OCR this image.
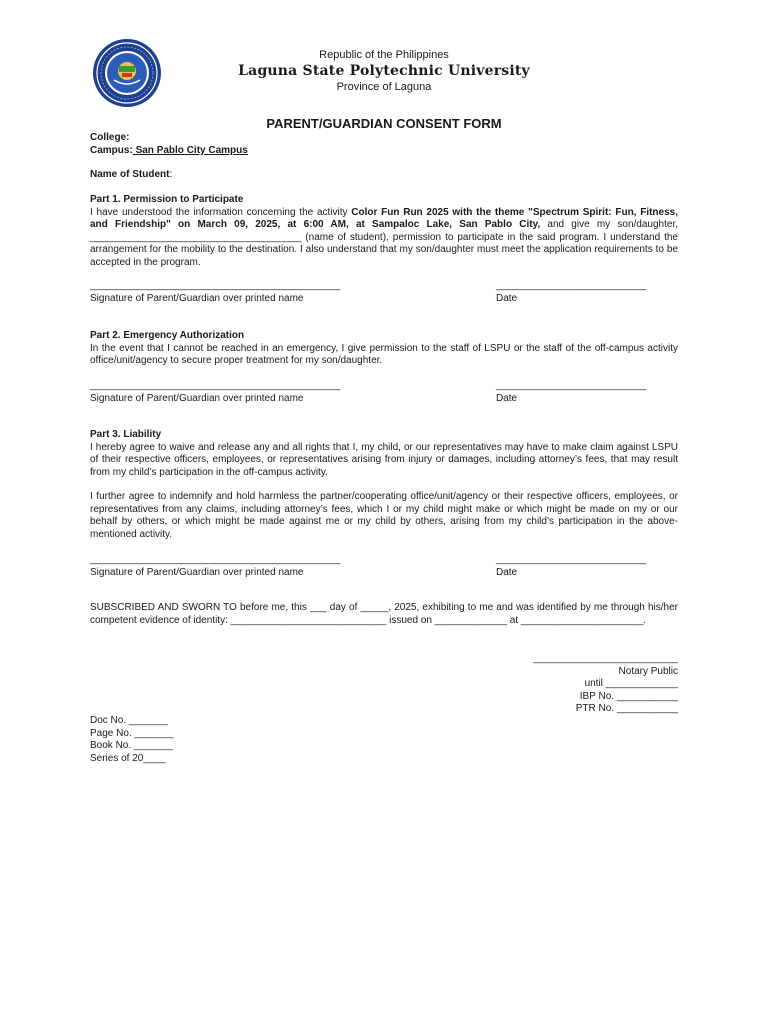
Republic of the Philippines
Laguna State Polytechnic University
Province of Laguna
PARENT/GUARDIAN CONSENT FORM
College:
Campus: San Pablo City Campus
Name of Student:
Part 1. Permission to Participate

I have understood the information concerning the activity Color Fun Run 2025 with the theme "Spectrum Spirit: Fun, Fitness, and Friendship" on March 09, 2025, at 6:00 AM, at Sampaloc Lake, San Pablo City, and give my son/daughter, ______________________________________ (name of student), permission to participate in the said program. I understand the arrangement for the mobility to the destination. I also understand that my son/daughter must meet the application requirements to be accepted in the program.

_____________________________________________
Signature of Parent/Guardian over printed name
___________________________
Date
Part 2. Emergency Authorization

In the event that I cannot be reached in an emergency, I give permission to the staff of LSPU or the staff of the off-campus activity office/unit/agency to secure proper treatment for my son/daughter.

_____________________________________________
Signature of Parent/Guardian over printed name
___________________________
Date
Part 3. Liability

I hereby agree to waive and release any and all rights that I, my child, or our representatives may have to make claim against LSPU of their respective officers, employees, or representatives arising from injury or damages, including attorney’s fees, that may result from my child’s participation in the off-campus activity.

I further agree to indemnify and hold harmless the partner/cooperating office/unit/agency or their respective officers, employees, or representatives from any claims, including attorney’s fees, which I or my child might make or which might be made on my or our behalf by others, or which might be made against me or my child by others, arising from my child’s participation in the above-mentioned activity.

_____________________________________________
Signature of Parent/Guardian over printed name
___________________________
Date

SUBSCRIBED AND SWORN TO before me, this ___ day of _____, 2025, exhibiting to me and was identified by me through his/her competent evidence of identity: ____________________________ issued on _____________ at ______________________.

__________________________
Notary Public
until _____________
IBP No. ___________
PTR No. ___________
Doc No. _______
Page No. _______
Book No. _______
Series of 20____
